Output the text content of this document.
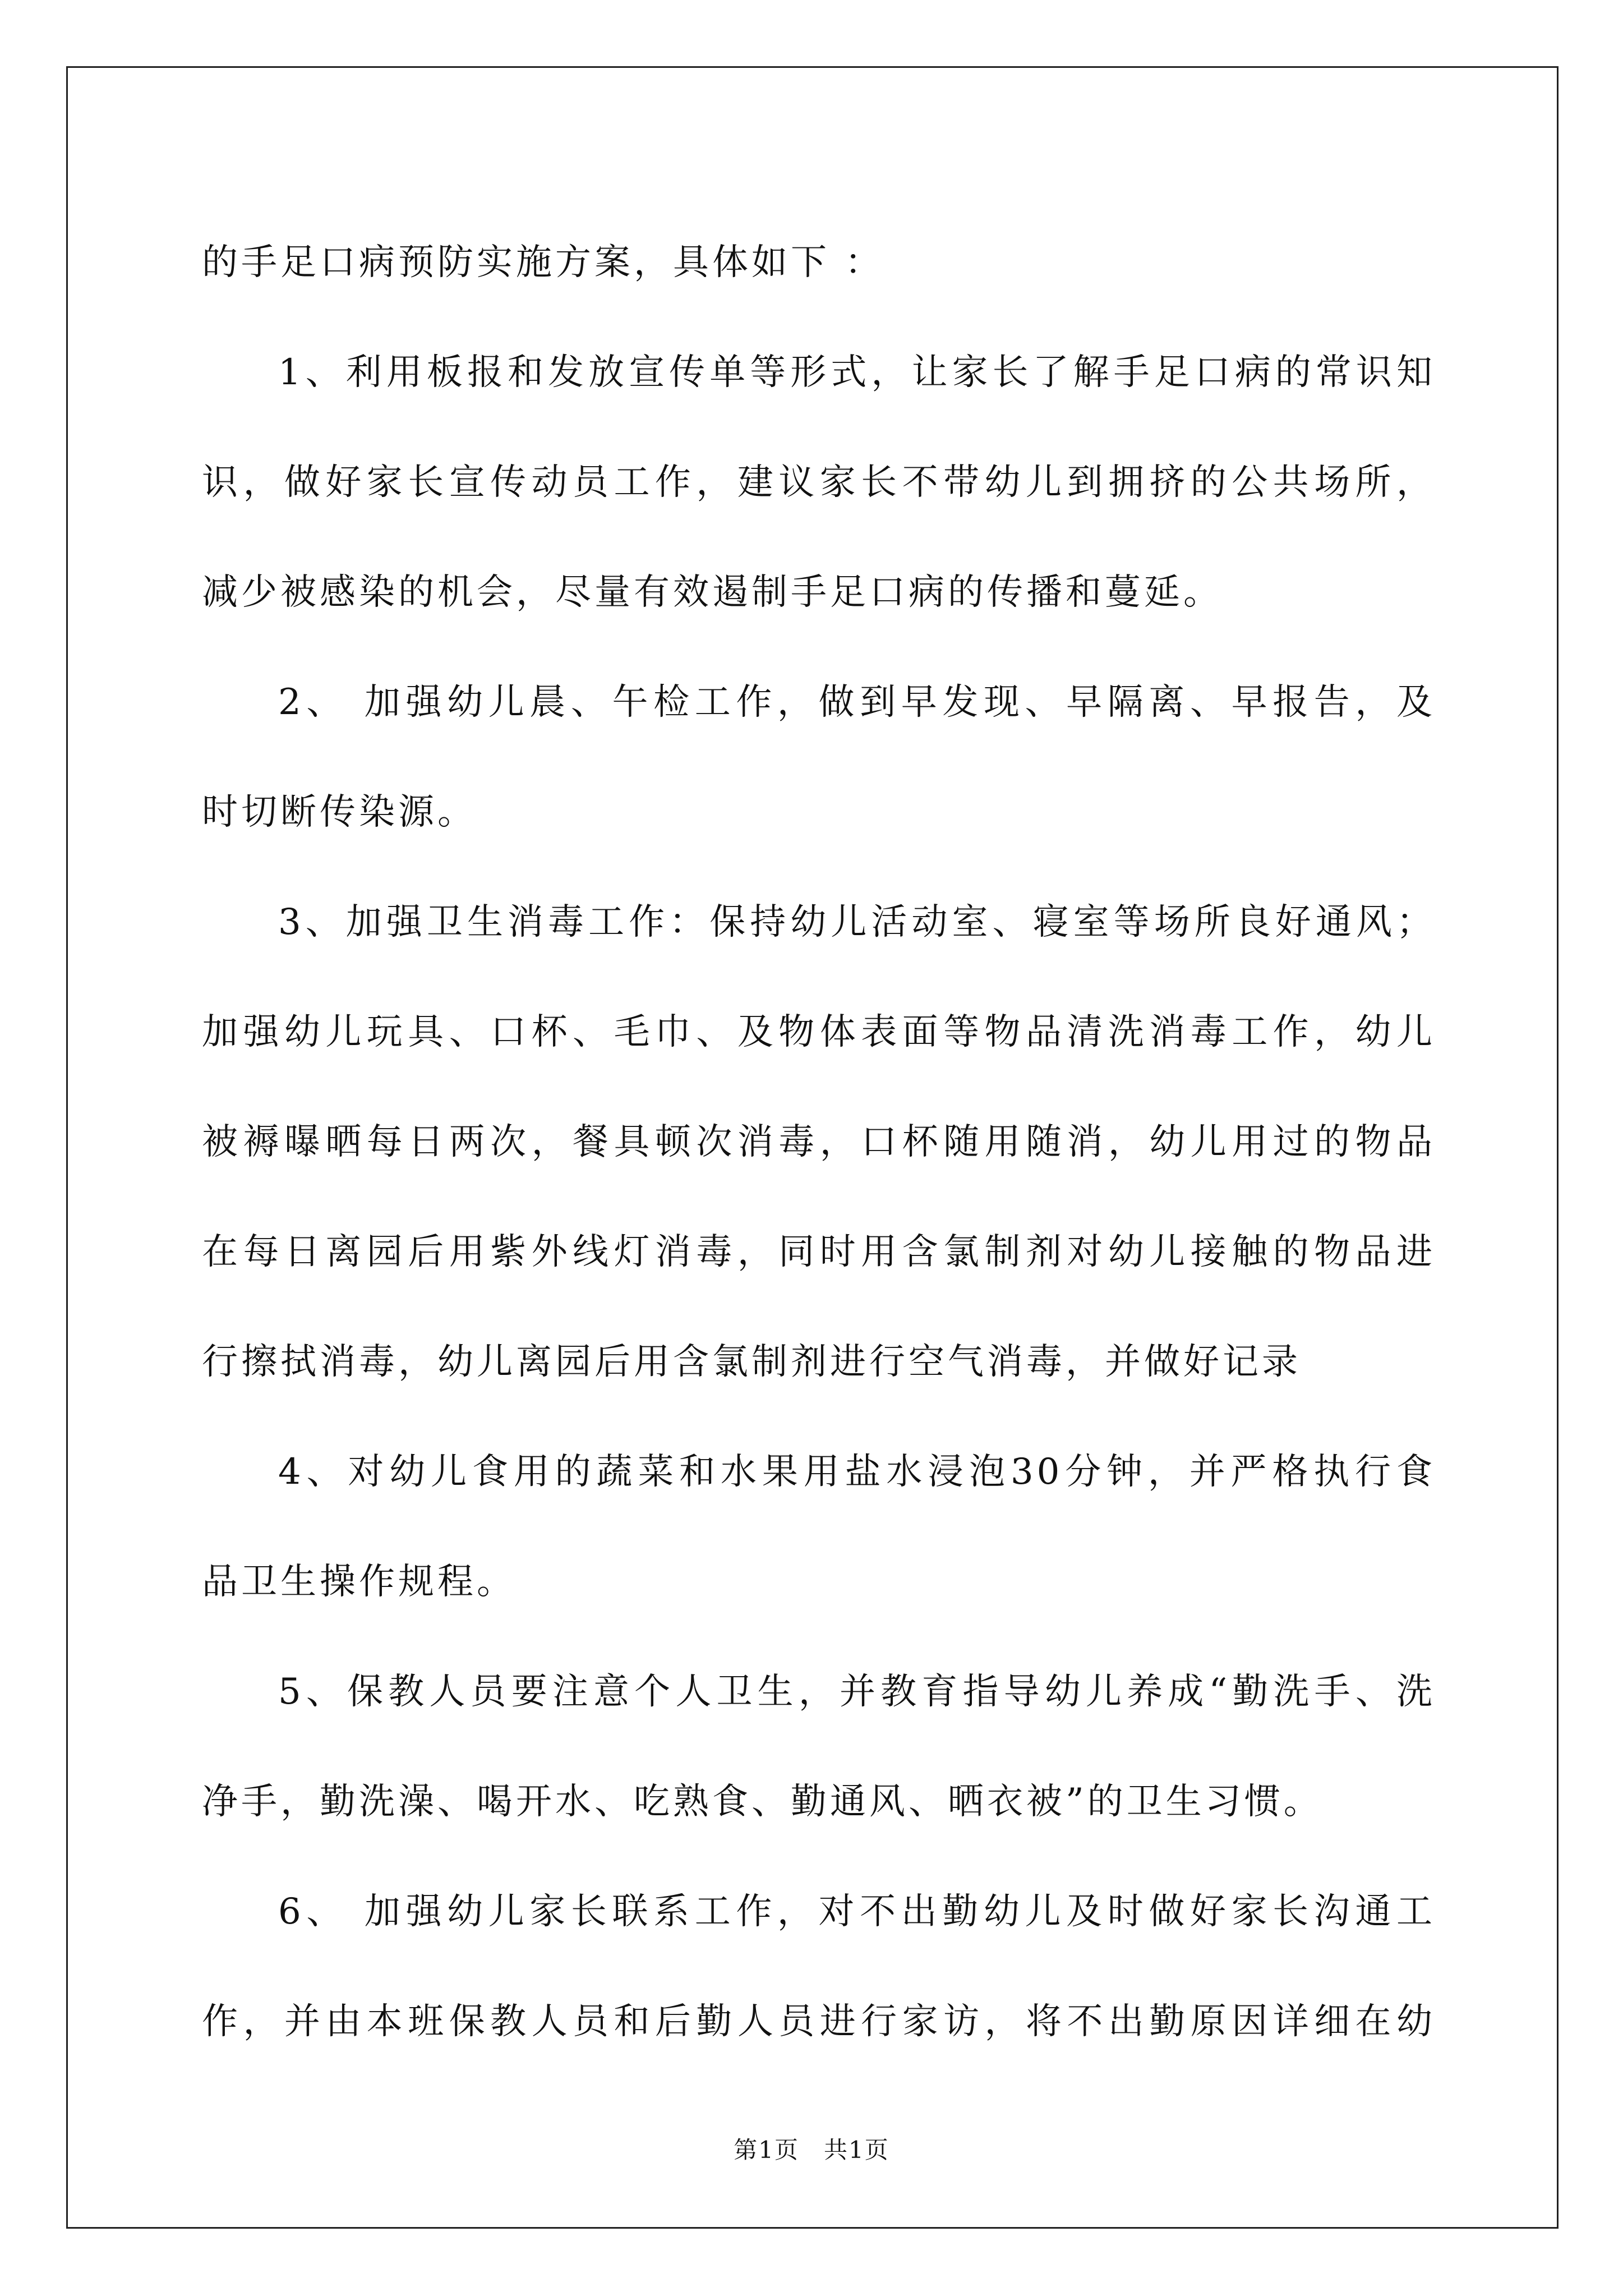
的手足口病预防实施方案，具体如下 ：
1、利用板报和发放宣传单等形式，让家长了解手足口病的常识知
识，做好家长宣传动员工作，建议家长不带幼儿到拥挤的公共场所，
减少被感染的机会，尽量有效遏制手足口病的传播和蔓延。
2、 加强幼儿晨、午检工作，做到早发现、早隔离、早报告，及
时切断传染源。
3、加强卫生消毒工作：保持幼儿活动室、寝室等场所良好通风；
加强幼儿玩具、口杯、毛巾、及物体表面等物品清洗消毒工作，幼儿
被褥曝晒每日两次，餐具顿次消毒，口杯随用随消，幼儿用过的物品
在每日离园后用紫外线灯消毒，同时用含氯制剂对幼儿接触的物品进
行擦拭消毒，幼儿离园后用含氯制剂进行空气消毒，并做好记录
4、对幼儿食用的蔬菜和水果用盐水浸泡30分钟，并严格执行食
品卫生操作规程。
5、保教人员要注意个人卫生，并教育指导幼儿养成“勤洗手、洗
净手，勤洗澡、喝开水、吃熟食、勤通风、晒衣被”的卫生习惯。
6、 加强幼儿家长联系工作，对不出勤幼儿及时做好家长沟通工
作，并由本班保教人员和后勤人员进行家访，将不出勤原因详细在幼
第1页　共1页
